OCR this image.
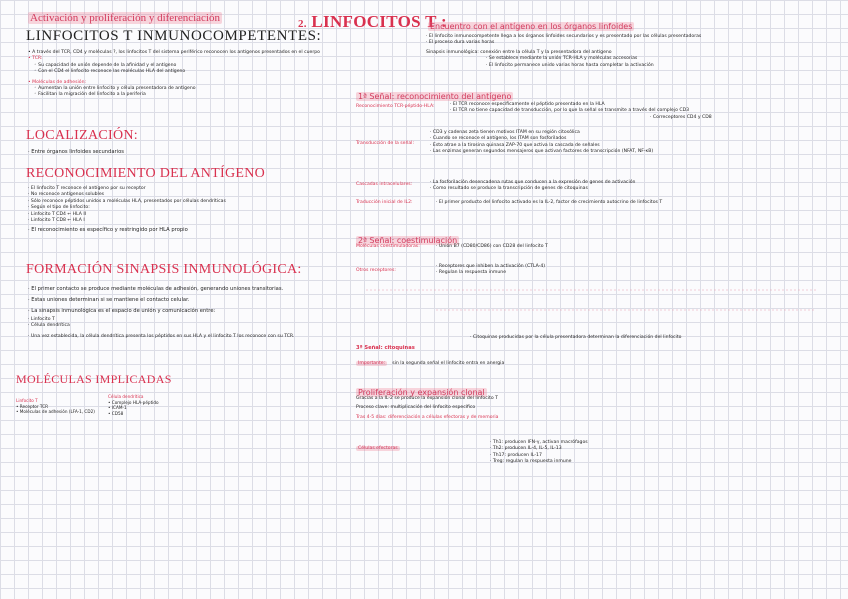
Activación y proliferación y diferenciación
LINFOCITOS T INMUNOCOMPETENTES:
• A través del TCR, CD4 y moléculas ?, los linfocitos T del sistema periférico reconocen los antígenos presentados en el cuerpo
• TCR:
◦ Su capacidad de unión depende de la afinidad y el antígeno
◦ Con el CD4 el linfocito reconoce las moléculas HLA del antígeno
• Moléculas de adhesión:
◦ Aumentan la unión entre linfocito y célula presentadora de antígeno
◦ Facilitan la migración del linfocito a la periferia
LOCALIZACIÓN:
· Entre órganos linfoides secundarios
RECONOCIMIENTO DEL ANTÍGENO
· El linfocito T reconoce el antígeno por su receptor
· No reconoce antígenos solubles
· Sólo reconoce péptidos unidos a moléculas HLA, presentados por células dendríticas
· Según el tipo de linfocito:
· Linfocito T CD4 ← HLA II
· Linfocito T CD8 ← HLA I
· El reconocimiento es específico y restringido por HLA propio
FORMACIÓN SINAPSIS INMUNOLÓGICA:
· El primer contacto se produce mediante moléculas de adhesión, generando uniones transitorias.
· Estas uniones determinan si se mantiene el contacto celular.
· La sinapsis inmunológica es el espacio de unión y comunicación entre:
· Linfocito T
· Célula dendrítica
· Una vez establecida, la célula dendrítica presenta los péptidos en sus HLA y el linfocito T los reconoce con su TCR.
MOLÉCULAS IMPLICADAS
Linfocito T
• Receptor TCR
• Moléculas de adhesión (LFA-1, CD2)
Célula dendrítica
• Complejo HLA-péptido
• ICAM-1
• CD58
2. LINFOCITOS T :
Encuentro con el antígeno en los órganos linfoides
· El linfocito inmunocompetente llega a los órganos linfoides secundarios y es presentado por las células presentadoras
· El proceso dura varias horas
Sinapsis inmunológica: conexión entre la célula T y la presentadora del antígeno
· Se establece mediante la unión TCR-HLA y moléculas accesorias
· El linfocito permanece unido varias horas hasta completar la activación
1ª Señal: reconocimiento del antígeno
Reconocimiento TCR-péptido-HLA:	· El TCR reconoce específicamente el péptido presentado en la HLA
· El TCR no tiene capacidad de transducción, por lo que la señal se transmite a través del complejo CD3
· Correceptores CD4 y CD8
Transducción de la señal:
· CD3 y cadenas zeta tienen motivos ITAM en su región citosólica
· Cuando se reconoce el antígeno, los ITAM son fosforilados
· Esto atrae a la tirosina quinasa ZAP-70 que activa la cascada de señales
· Las enzimas generan segundos mensajeros que activan factores de transcripción (NFAT, NF-κB)
Cascadas intracelulares:	· La fosforilación desencadena rutas que conducen a la expresión de genes de activación
· Como resultado se produce la transcripción de genes de citoquinas
Traducción inicial de IL2:	· El primer producto del linfocito activado es la IL-2, factor de crecimiento autocrino de linfocitos T
2ª Señal: coestimulación
Moléculas coestimuladoras:	· Unión B7 (CD80/CD86) con CD28 del linfocito T
Otros receptores:
· Receptores que inhiben la activación (CTLA-4)
· Regulan la respuesta inmune
3ª Señal: citoquinas
· Citoquinas producidas por la célula presentadora determinan la diferenciación del linfocito
Importante: sin la segunda señal el linfocito entra en anergia
Proliferación y expansión clonal
Gracias a la IL-2 se produce la expansión clonal del linfocito T
Proceso clave: multiplicación del linfocito específico
Tras 4-5 días: diferenciación a células efectoras y de memoria
Células efectoras
· Th1: producen IFN-γ, activan macrófagos
· Th2: producen IL-4, IL-5, IL-13
· Th17: producen IL-17
· Treg: regulan la respuesta inmune
